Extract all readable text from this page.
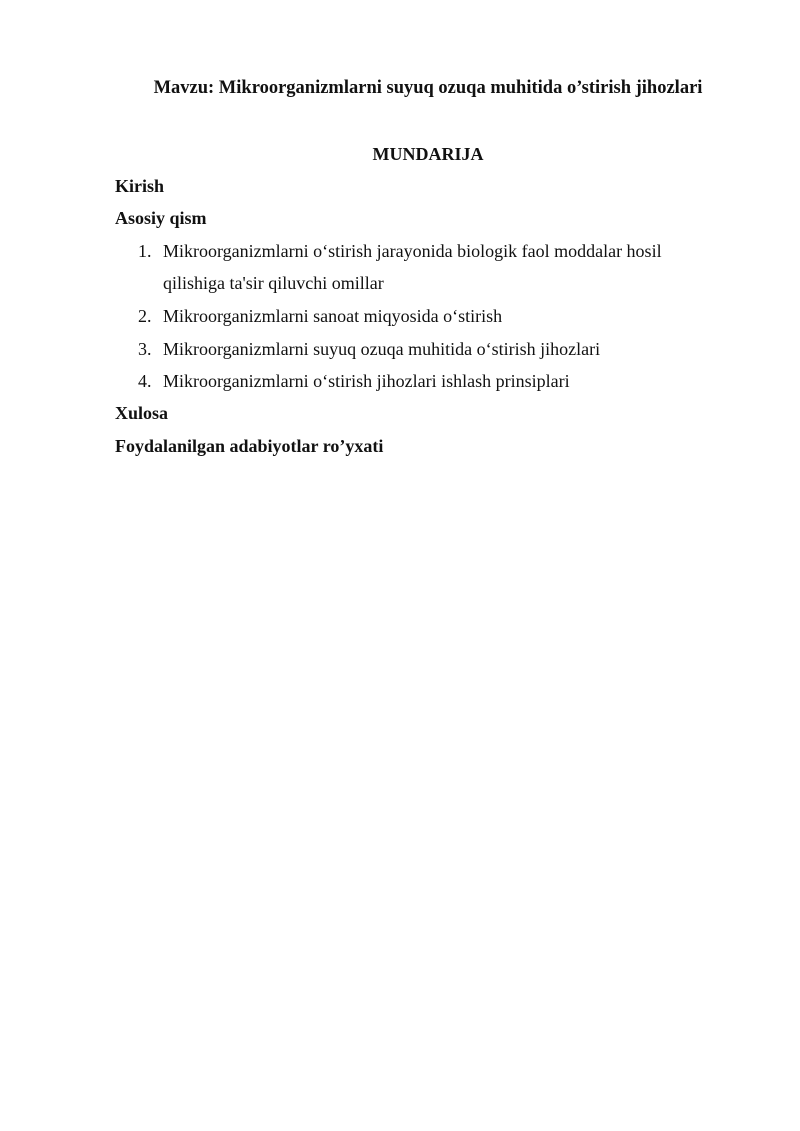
Mavzu: Mikroorganizmlarni suyuq ozuqa muhitida o’stirish jihozlari
MUNDARIJA
Kirish
Asosiy qism
1. Mikroorganizmlarni o‘stirish jarayonida biologik faol moddalar hosil
qilishiga ta'sir qiluvchi omillar
2. Mikroorganizmlarni sanoat miqyosida o‘stirish
3. Mikroorganizmlarni suyuq ozuqa muhitida o‘stirish jihozlari
4. Mikroorganizmlarni o‘stirish jihozlari ishlash prinsiplari
Xulosa
Foydalanilgan adabiyotlar ro’yxati
